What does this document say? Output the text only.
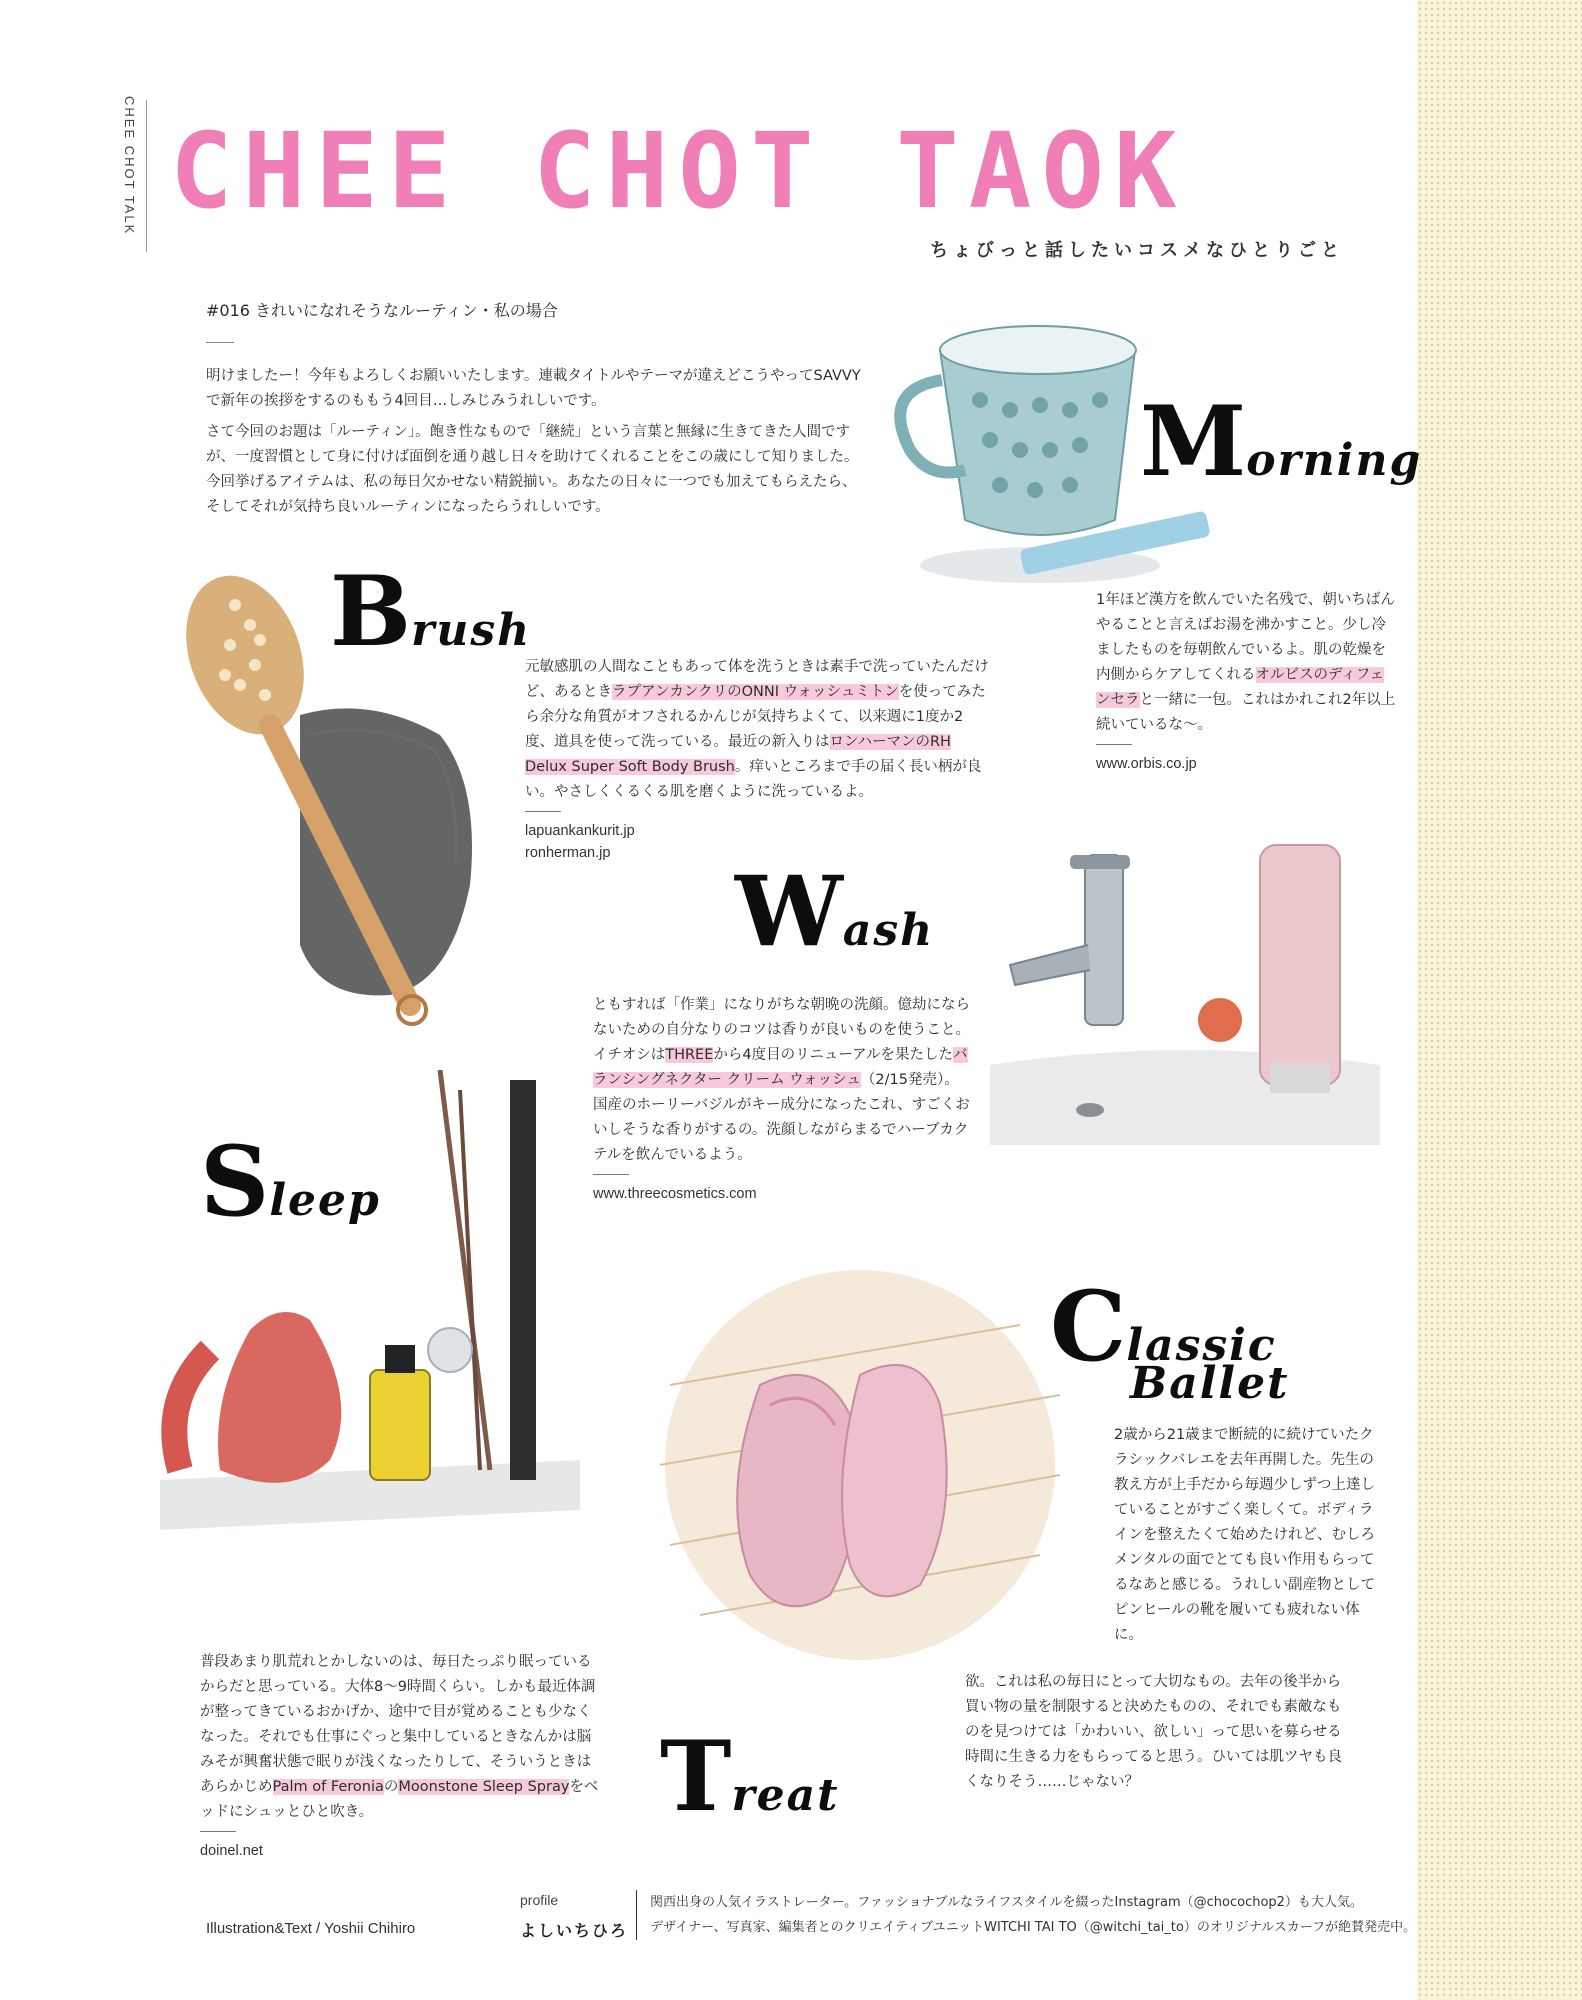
CHEE CHOT TALK CHEE CHOT TAOK
ちょびっと話したいコスメなひとりごと
#016 きれいになれそうなルーティン・私の場合

明けましたー！今年もよろしくお願いいたします。連載タイトルやテーマが違えどこうやってSAVVYで新年の挨拶をするのももう4回目…しみじみうれしいです。

さて今回のお題は「ルーティン」。飽き性なもので「継続」という言葉と無縁に生きてきた人間ですが、一度習慣として身に付けば面倒を通り越し日々を助けてくれることをこの歳にして知りました。今回挙げるアイテムは、私の毎日欠かせない精鋭揃い。あなたの日々に一つでも加えてもらえたら、そしてそれが気持ち良いルーティンになったらうれしいです。

Morning
1年ほど漢方を飲んでいた名残で、朝いちばんやることと言えばお湯を沸かすこと。少し冷ましたものを毎朝飲んでいるよ。肌の乾燥を内側からケアしてくれるオルビスのディフェンセラと一緒に一包。これはかれこれ2年以上続いているな〜。
www.orbis.co.jp
Brush
元敏感肌の人間なこともあって体を洗うときは素手で洗っていたんだけど、あるときラプアンカンクリのONNI ウォッシュミトンを使ってみたら余分な角質がオフされるかんじが気持ちよくて、以来週に1度か2度、道具を使って洗っている。最近の新入りはロンハーマンのRH Delux Super Soft Body Brush。痒いところまで手の届く長い柄が良い。やさしくくるくる肌を磨くように洗っているよ。
lapuankankurit.jp
ronherman.jp
Wash
ともすれば「作業」になりがちな朝晩の洗顔。億劫にならないための自分なりのコツは香りが良いものを使うこと。イチオシはTHREEから4度目のリニューアルを果たしたバランシングネクター クリーム ウォッシュ（2/15発売）。国産のホーリーバジルがキー成分になったこれ、すごくおいしそうな香りがするの。洗顔しながらまるでハーブカクテルを飲んでいるよう。
www.threecosmetics.com
Sleep
普段あまり肌荒れとかしないのは、毎日たっぷり眠っているからだと思っている。大体8〜9時間くらい。しかも最近体調が整ってきているおかげか、途中で目が覚めることも少なくなった。それでも仕事にぐっと集中しているときなんかは脳みそが興奮状態で眠りが浅くなったりして、そういうときはあらかじめPalm of FeroniaのMoonstone Sleep Sprayをベッドにシュッとひと吹き。
doinel.net
Classic
Ballet
2歳から21歳まで断続的に続けていたクラシックバレエを去年再開した。先生の教え方が上手だから毎週少しずつ上達していることがすごく楽しくて。ボディラインを整えたくて始めたけれど、むしろメンタルの面でとても良い作用もらってるなあと感じる。うれしい副産物としてピンヒールの靴を履いても疲れない体に。
Treat
欲。これは私の毎日にとって大切なもの。去年の後半から買い物の量を制限すると決めたものの、それでも素敵なものを見つけては「かわいい、欲しい」って思いを募らせる時間に生きる力をもらってると思う。ひいては肌ツヤも良くなりそう……じゃない？
Illustration&Text / Yoshii Chihiro
profile
よしいちひろ
関西出身の人気イラストレーター。ファッショナブルなライフスタイルを綴ったInstagram（@chocochop2）も大人気。
デザイナー、写真家、編集者とのクリエイティブユニットWITCHI TAI TO（@witchi_tai_to）のオリジナルスカーフが絶賛発売中。
